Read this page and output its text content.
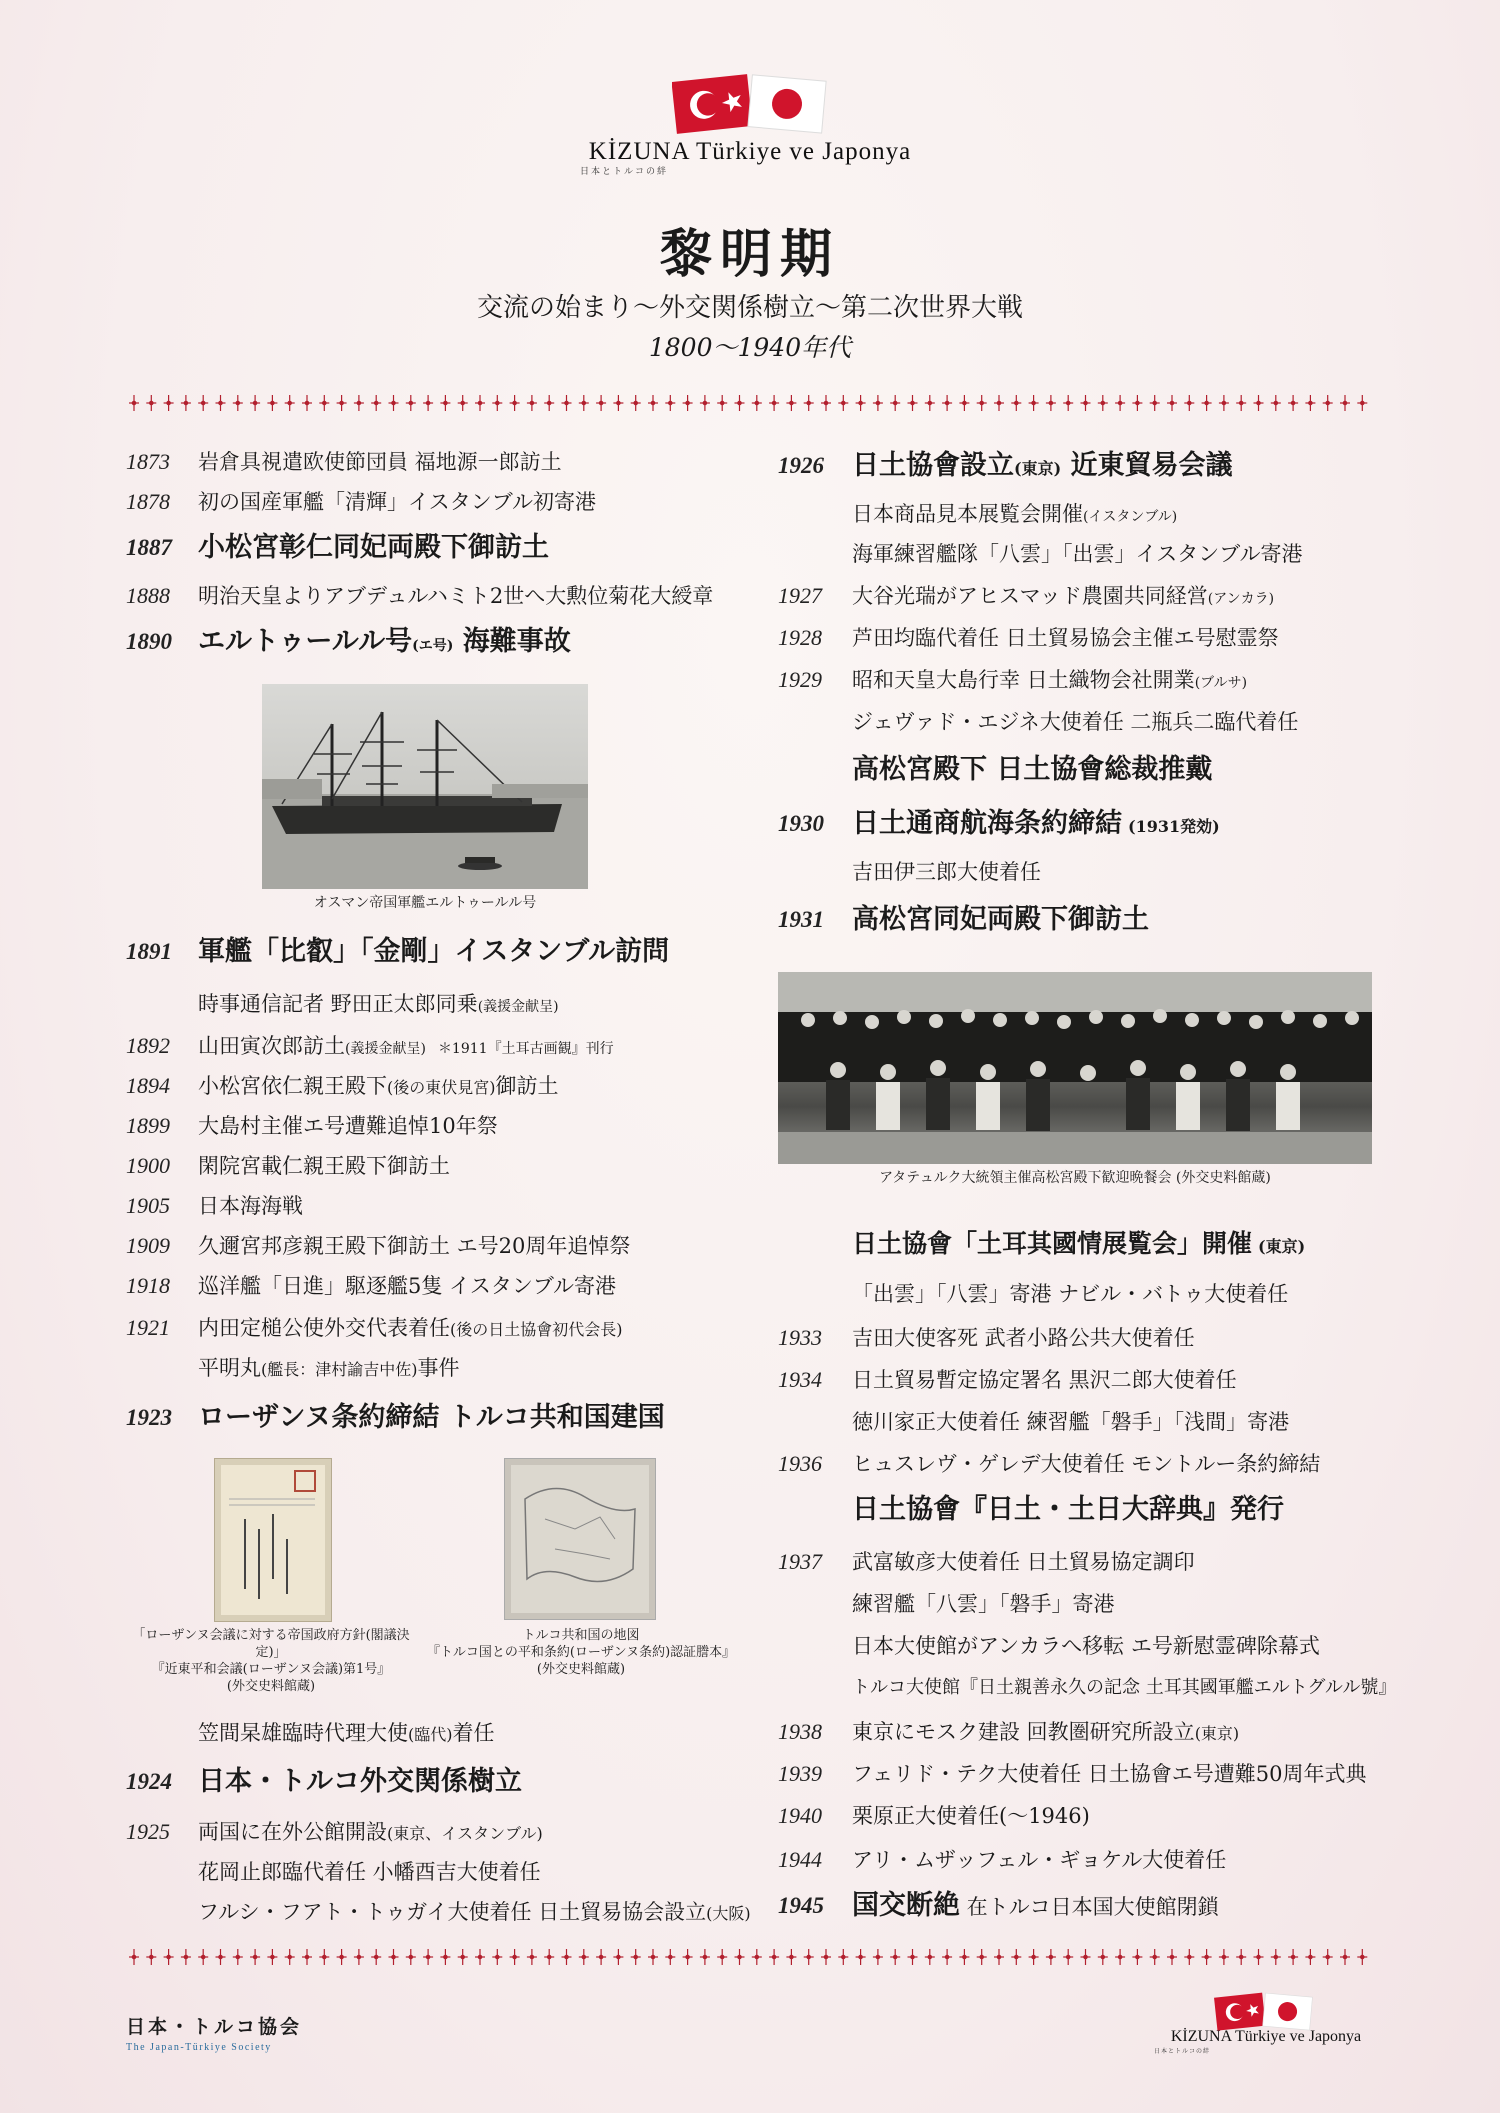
KİZUNA Türkiye ve Japonya
日本とトルコの絆
黎明期
交流の始まり〜外交関係樹立〜第二次世界大戦
1800〜1940年代
1873	岩倉具視遣欧使節団員 福地源一郎訪土
1878	初の国産軍艦「清輝」イスタンブル初寄港
1887 小松宮彰仁同妃両殿下御訪土
1888	明治天皇よりアブデュルハミト2世へ大勲位菊花大綬章
1890 エルトゥールル号(エ号) 海難事故
オスマン帝国軍艦エルトゥールル号
1891 軍艦「比叡」「金剛」イスタンブル訪問
時事通信記者 野田正太郎同乗(義援金献呈)
1892	山田寅次郎訪土(義援金献呈) ＊1911『土耳古画観』刊行
1894	小松宮依仁親王殿下(後の東伏見宮)御訪土
1899	大島村主催エ号遭難追悼10年祭
1900	閑院宮載仁親王殿下御訪土
1905	日本海海戦
1909	久邇宮邦彦親王殿下御訪土 エ号20周年追悼祭
1918	巡洋艦「日進」駆逐艦5隻 イスタンブル寄港
1921	内田定槌公使外交代表着任(後の日土協會初代会長)
平明丸(艦長：津村諭吉中佐)事件
1923 ローザンヌ条約締結 トルコ共和国建国
「ローザンヌ会議に対する帝国政府方針(閣議決定)」
『近東平和会議(ローザンヌ会議)第1号』
(外交史料館蔵)
トルコ共和国の地図
『トルコ国との平和条約(ローザンヌ条約)認証謄本』
(外交史料館蔵)
笠間杲雄臨時代理大使(臨代)着任
1924 日本・トルコ外交関係樹立
1925	両国に在外公館開設(東京、イスタンブル)
花岡止郎臨代着任 小幡酉吉大使着任
フルシ・フアト・トゥガイ大使着任 日土貿易協会設立(大阪)
1926	日土協會設立(東京) 近東貿易会議
日本商品見本展覧会開催(イスタンブル)
海軍練習艦隊「八雲」「出雲」イスタンブル寄港
1927	大谷光瑞がアヒスマッド農園共同経営(アンカラ)
1928	芦田均臨代着任 日土貿易協会主催エ号慰霊祭
1929	昭和天皇大島行幸 日土織物会社開業(ブルサ)
ジェヴァド・エジネ大使着任 二瓶兵二臨代着任
高松宮殿下 日土協會総裁推戴
1930	日土通商航海条約締結 (1931発効)
吉田伊三郎大使着任
1931	高松宮同妃両殿下御訪土
アタテュルク大統領主催高松宮殿下歓迎晩餐会 (外交史料館蔵)
日土協會「土耳其國情展覧会」開催 (東京)
「出雲」「八雲」寄港 ナビル・バトゥ大使着任
1933	吉田大使客死 武者小路公共大使着任
1934	日土貿易暫定協定署名 黒沢二郎大使着任
徳川家正大使着任 練習艦「磐手」「浅間」寄港
1936	ヒュスレヴ・ゲレデ大使着任 モントルー条約締結
日土協會『日土・土日大辞典』発行
1937	武富敏彦大使着任 日土貿易協定調印
練習艦「八雲」「磐手」寄港
日本大使館がアンカラへ移転 エ号新慰霊碑除幕式
トルコ大使館『日土親善永久の記念 土耳其國軍艦エルトグルル號』
1938	東京にモスク建設 回教圏研究所設立(東京)
1939	フェリド・テク大使着任 日土協會エ号遭難50周年式典
1940	栗原正大使着任(〜1946)
1944	アリ・ムザッフェル・ギョケル大使着任
1945	国交断絶 在トルコ日本国大使館閉鎖
日本・トルコ協会
The Japan-Türkiye Society
KİZUNA Türkiye ve Japonya
日本とトルコの絆
